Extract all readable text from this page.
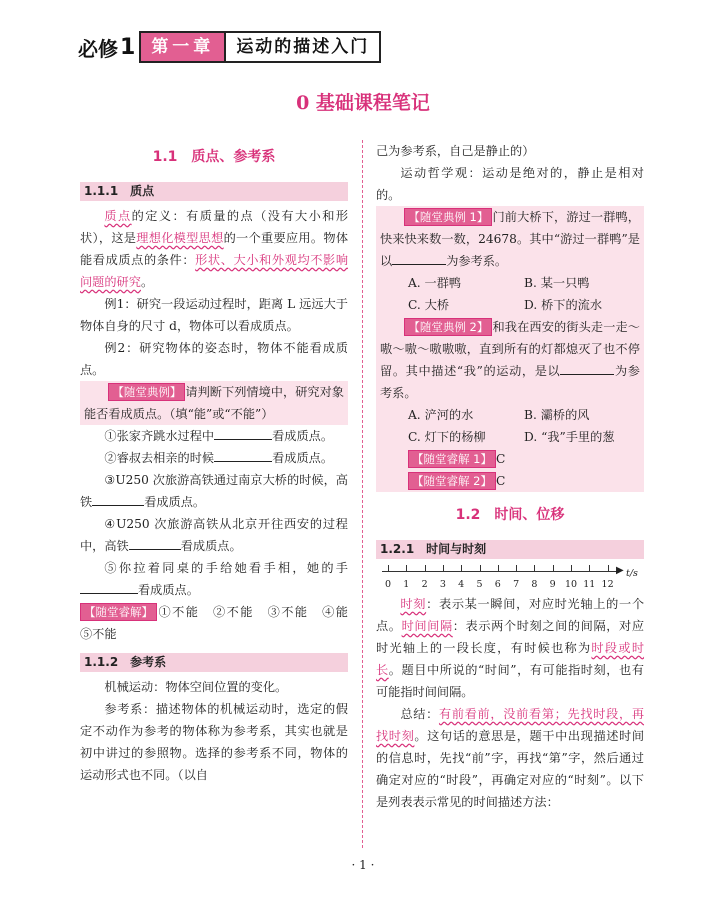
必修 1 第一章	运动的描述入门
0 基础课程笔记
1.1　质点、参考系
1.1.1　质点

质点的定义：有质量的点（没有大小和形状），这是理想化模型思想的一个重要应用。物体能看成质点的条件：形状、大小和外观均不影响问题的研究。

例1：研究一段运动过程时，距离 L 远远大于物体自身的尺寸 d，物体可以看成质点。

例2：研究物体的姿态时，物体不能看成质点。

【随堂典例】 请判断下列情境中，研究对象能否看成质点。（填“能”或“不能”）

①张家齐跳水过程中	看成质点。

②睿叔去相亲的时候	看成质点。

③U250 次旅游高铁通过南京大桥的时候，高铁	看成质点。

④U250 次旅游高铁从北京开往西安的过程中，高铁	看成质点。

⑤你拉着同桌的手给她看手相，她的手看成质点。

【随堂睿解】 ①不能　②不能　③不能　④能　⑤不能

1.1.2　参考系

机械运动：物体空间位置的变化。

参考系：描述物体的机械运动时，选定的假定不动作为参考的物体称为参考系，其实也就是初中讲过的参照物。选择的参考系不同，物体的运动形式也不同。（以自

己为参考系，自己是静止的）

运动哲学观：运动是绝对的，静止是相对的。

【随堂典例 1】 门前大桥下，游过一群鸭，快来快来数一数，24678。其中“游过一群鸭”是以	为参考系。

A. 一群鸭	B. 某一只鸭
C. 大桥	D. 桥下的流水

【随堂典例 2】 和我在西安的街头走一走～嗷～嗷～嗷嗷嗷，直到所有的灯都熄灭了也不停留。其中描述“我”的运动，是以	为参考系。

A. 浐河的水	B. 灞桥的风
C. 灯下的杨柳	D. “我”手里的葱

【随堂睿解 1】 C

【随堂睿解 2】 C

1.2　时间、位移
1.2.1　时间与时刻
▶ t/s
0	1	2	3	4	5	6	7	8	9 10 11 12

时刻：表示某一瞬间，对应时光轴上的一个点。时间间隔：表示两个时刻之间的间隔，对应时光轴上的一段长度，有时候也称为时段或时长。题目中所说的“时间”，有可能指时刻，也有可能指时间间隔。

总结：有前看前，没前看第；先找时段，再找时刻。这句话的意思是，题干中出现描述时间的信息时，先找“前”字，再找“第”字，然后通过确定对应的“时段”，再确定对应的“时刻”。以下是列表表示常见的时间描述方法：

· 1 ·
